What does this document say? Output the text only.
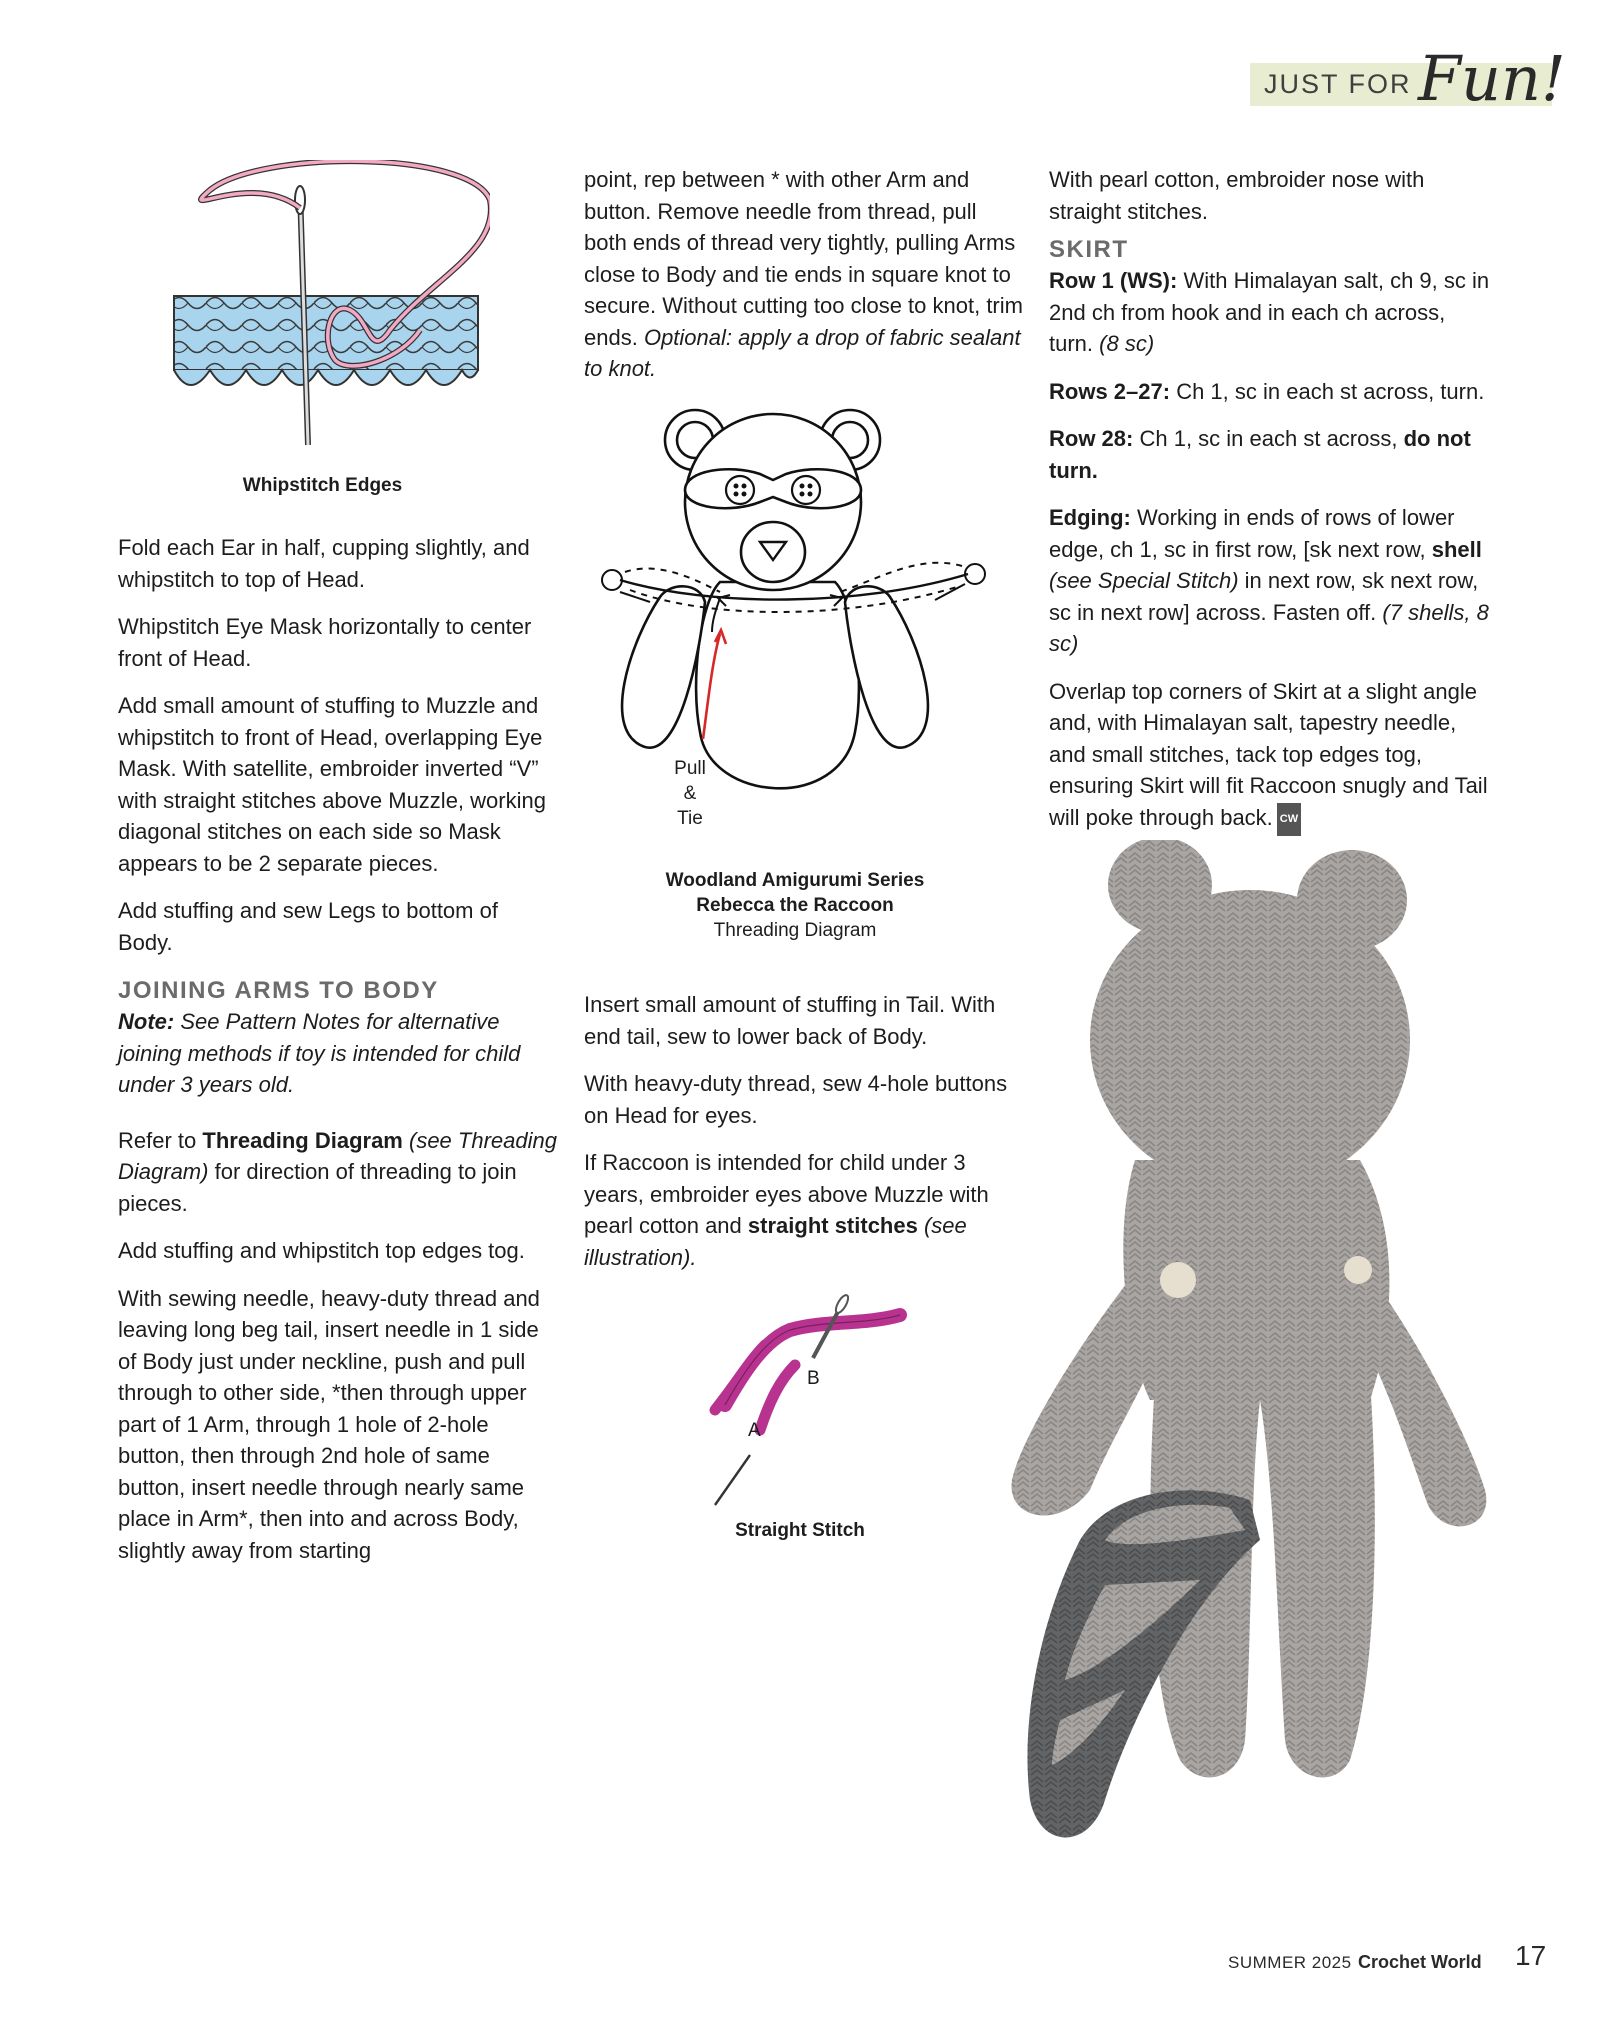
JUST FOR Fun!
Whipstitch Edges

Fold each Ear in half, cupping slightly, and whipstitch to top of Head.

Whipstitch Eye Mask horizontally to center front of Head.

Add small amount of stuffing to Muzzle and whipstitch to front of Head, overlapping Eye Mask. With satellite, embroider inverted “V” with straight stitches above Muzzle, working diagonal stitches on each side so Mask appears to be 2 separate pieces.

Add stuffing and sew Legs to bottom of Body.

JOINING ARMS TO BODY

Note: See Pattern Notes for alternative joining methods if toy is intended for child under 3 years old.

Refer to Threading Diagram (see Threading Diagram) for direction of threading to join pieces.

Add stuffing and whipstitch top edges tog.

With sewing needle, heavy-duty thread and leaving long beg tail, insert needle in 1 side of Body just under neckline, push and pull through to other side, *then through upper part of 1 Arm, through 1 hole of 2-hole button, then through 2nd hole of same button, insert needle through nearly same place in Arm*, then into and across Body, slightly away from starting

point, rep between * with other Arm and button. Remove needle from thread, pull both ends of thread very tightly, pulling Arms close to Body and tie ends in square knot to secure. Without cutting too close to knot, trim ends. Optional: apply a drop of fabric sealant to knot.

Pull
&
Tie
Woodland Amigurumi Series
Rebecca the Raccoon
Threading Diagram

Insert small amount of stuffing in Tail. With end tail, sew to lower back of Body.

With heavy-duty thread, sew 4-hole buttons on Head for eyes.

If Raccoon is intended for child under 3 years, embroider eyes above Muzzle with pearl cotton and straight stitches (see illustration).

B
A
Straight Stitch

With pearl cotton, embroider nose with straight stitches.

SKIRT

Row 1 (WS): With Himalayan salt, ch 9, sc in 2nd ch from hook and in each ch across, turn. (8 sc)

Rows 2–27: Ch 1, sc in each st across, turn.

Row 28: Ch 1, sc in each st across, do not turn.

Edging: Working in ends of rows of lower edge, ch 1, sc in first row, [sk next row, shell (see Special Stitch) in next row, sk next row, sc in next row] across. Fasten off. (7 shells, 8 sc)

Overlap top corners of Skirt at a slight angle and, with Himalayan salt, tapestry needle, and small stitches, tack top edges tog, ensuring Skirt will fit Raccoon snugly and Tail will poke through back. CW

SUMMER 2025 Crochet World 17
